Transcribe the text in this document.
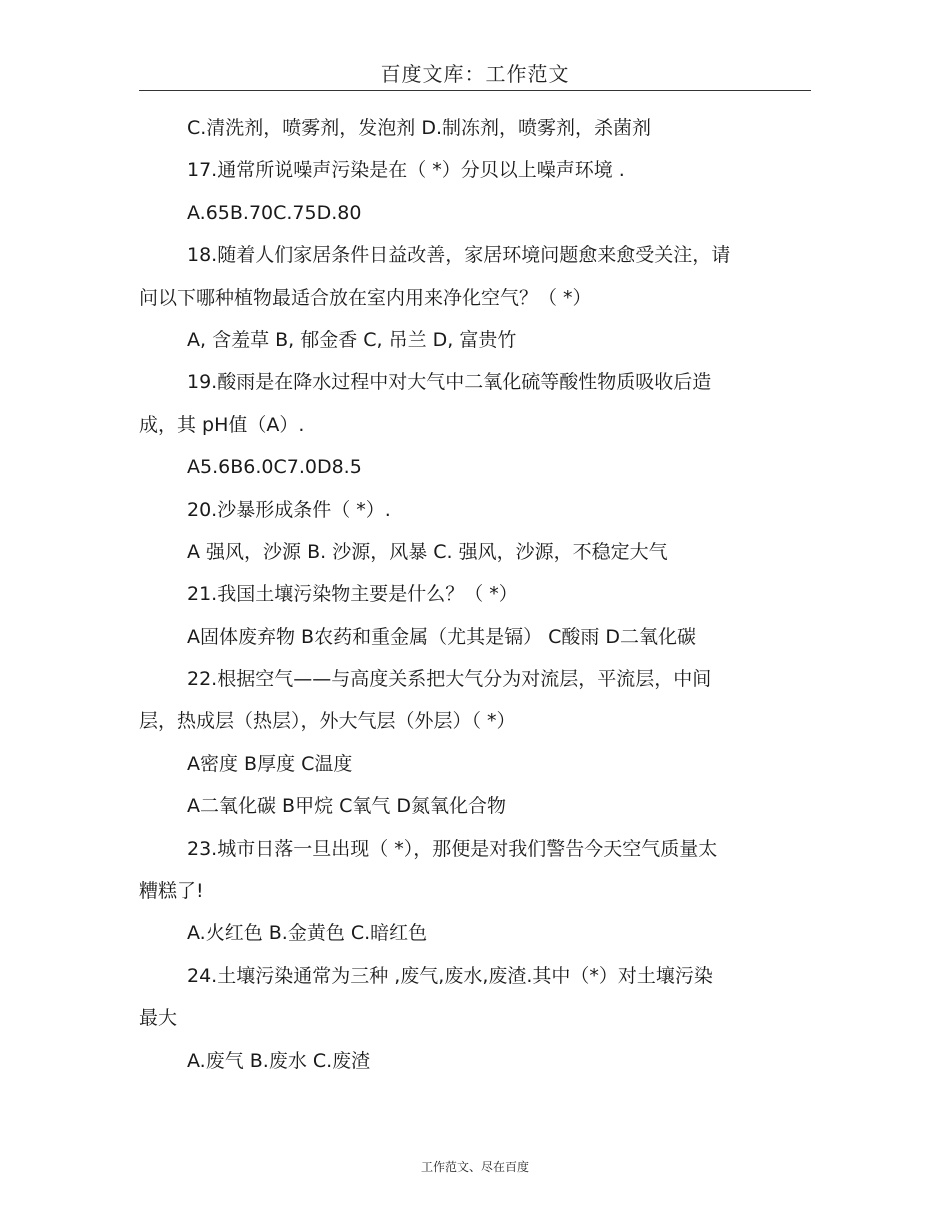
百度文库：工作范文
C.清洗剂，喷雾剂，发泡剂 D.制冻剂，喷雾剂，杀菌剂
17.通常所说噪声污染是在（ *）分贝以上噪声环境 .
A.65B.70C.75D.80
18.随着人们家居条件日益改善，家居环境问题愈来愈受关注，请
问以下哪种植物最适合放在室内用来净化空气？（ *）
A, 含羞草 B, 郁金香 C, 吊兰 D, 富贵竹
19.酸雨是在降水过程中对大气中二氧化硫等酸性物质吸收后造
成，其 pH值（A）.
A5.6B6.0C7.0D8.5
20.沙暴形成条件（ *）.
A 强风，沙源 B. 沙源，风暴 C. 强风，沙源，不稳定大气
21.我国土壤污染物主要是什么？（ *）
A固体废弃物 B农药和重金属（尤其是镉） C酸雨 D二氧化碳
22.根据空气——与高度关系把大气分为对流层，平流层，中间
层，热成层（热层），外大气层（外层）（ *）
A密度 B厚度 C温度
A二氧化碳 B甲烷 C氧气 D氮氧化合物
23.城市日落一旦出现（ *），那便是对我们警告今天空气质量太
糟糕了!
A.火红色 B.金黄色 C.暗红色
24.土壤污染通常为三种 ,废气,废水,废渣.其中（*）对土壤污染
最大
A.废气 B.废水 C.废渣
工作范文、尽在百度
